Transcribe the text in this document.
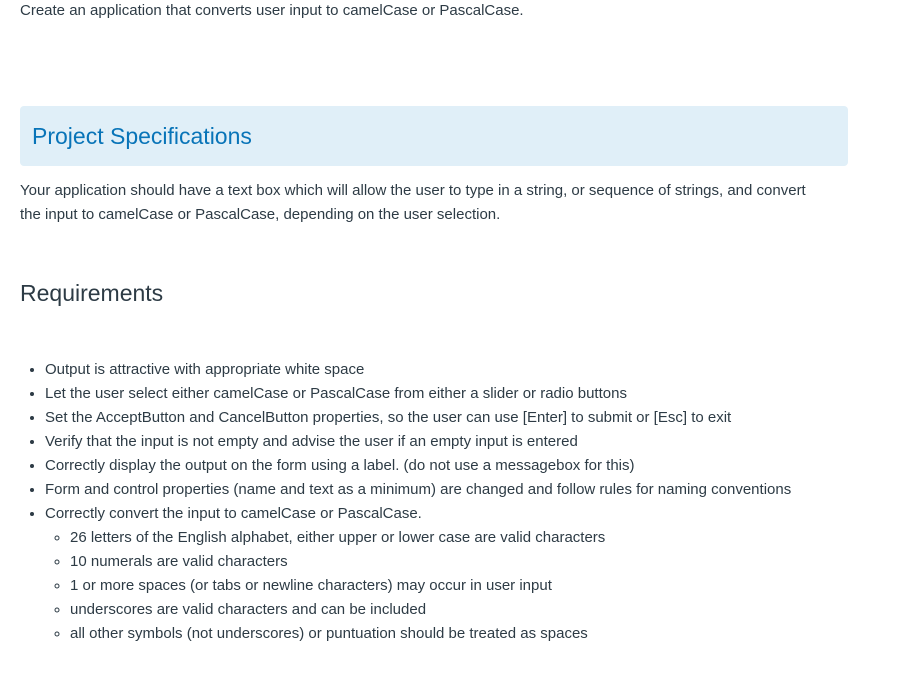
Create an application that converts user input to camelCase or PascalCase.

Project Specifications

Your application should have a text box which will allow the user to type in a string, or sequence of strings, and convert the input to camelCase or PascalCase, depending on the user selection.

Requirements
• Output is attractive with appropriate white space
• Let the user select either camelCase or PascalCase from either a slider or radio buttons
• Set the AcceptButton and CancelButton properties, so the user can use [Enter] to submit or [Esc] to exit
• Verify that the input is not empty and advise the user if an empty input is entered
• Correctly display the output on the form using a label. (do not use a messagebox for this)
• Form and control properties (name and text as a minimum) are changed and follow rules for naming conventions
• Correctly convert the input to camelCase or PascalCase.
◦ 26 letters of the English alphabet, either upper or lower case are valid characters
◦ 10 numerals are valid characters
◦ 1 or more spaces (or tabs or newline characters) may occur in user input
◦ underscores are valid characters and can be included
◦ all other symbols (not underscores) or puntuation should be treated as spaces
